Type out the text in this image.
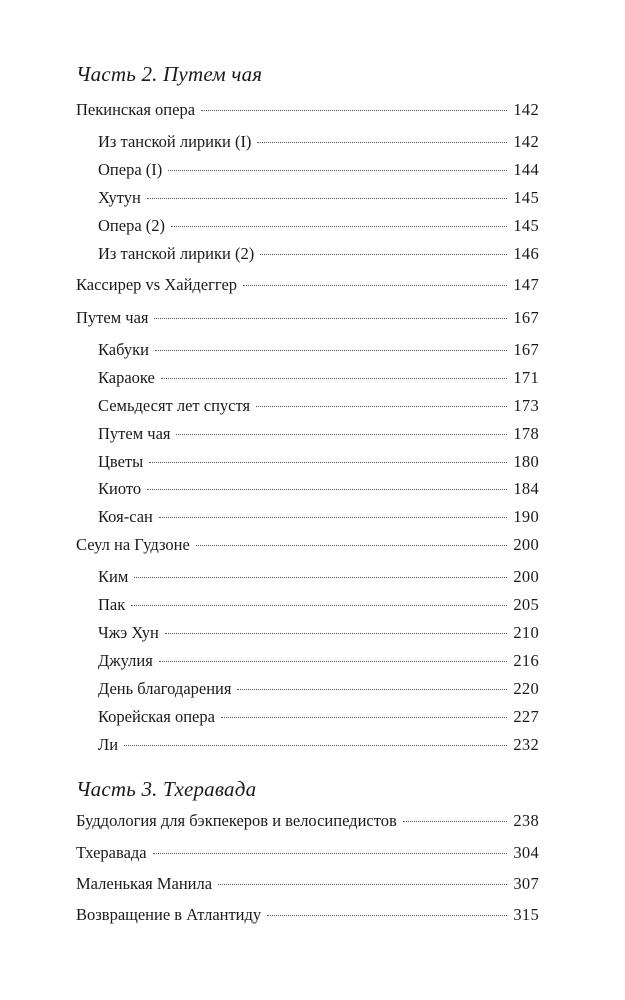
Часть 2. Путем чая
Пекинская опера	142
Из танской лирики (I)	142
Опера (I)	144
Хутун	145
Опера (2)	145
Из танской лирики (2)	146
Кассирер vs Хайдеггер	147
Путем чая	167
Кабуки	167
Караоке	171
Семьдесят лет спустя	173
Путем чая	178
Цветы	180
Киото	184
Коя-сан	190
Сеул на Гудзоне	200
Ким	200
Пак	205
Чжэ Хун	210
Джулия	216
День благодарения	220
Корейская опера	227
Ли	232
Часть 3. Тхеравада
Буддология для бэкпекеров и велосипедистов	238
Тхеравада	304
Маленькая Манила	307
Возвращение в Атлантиду	315
